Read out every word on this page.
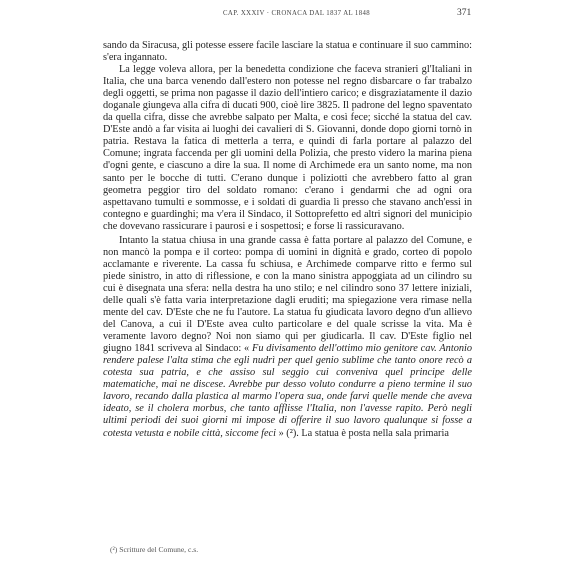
CAP. XXXIV · CRONACA DAL 1837 AL 1848	371

sando da Siracusa, gli potesse essere facile lasciare la statua e continuare il suo cammino: s'era ingannato.

La legge voleva allora, per la benedetta condizione che faceva stranieri gl'Italiani in Italia, che una barca venendo dall'estero non potesse nel regno disbarcare o far trabalzo degli oggetti, se prima non pagasse il dazio dell'intiero carico; e disgraziatamente il dazio doganale giungeva alla cifra di ducati 900, cioè lire 3825. Il padrone del legno spaventato da quella cifra, disse che avrebbe salpato per Malta, e così fece; sicché la statua del cav. D'Este andò a far visita ai luoghi dei cavalieri di S. Giovanni, donde dopo giorni tornò in patria. Restava la fatica di metterla a terra, e quindi di farla portare al palazzo del Comune; ingrata faccenda per gli uomini della Polizia, che presto videro la marina piena d'ogni gente, e ciascuno a dire la sua. Il nome di Archimede era un santo nome, ma non santo per le bocche di tutti. C'erano dunque i poliziotti che avrebbero fatto al gran geometra peggior tiro del soldato romano: c'erano i gendarmi che ad ogni ora aspettavano tumulti e sommosse, e i soldati di guardia lì presso che stavano anch'essi in contegno e guardinghi; ma v'era il Sindaco, il Sottoprefetto ed altri signori del municipio che dovevano rassicurare i paurosi e i sospettosi; e forse li rassicuravano.

Intanto la statua chiusa in una grande cassa è fatta portare al palazzo del Comune, e non mancò la pompa e il corteo: pompa di uomini in dignità e grado, corteo di popolo acclamante e riverente. La cassa fu schiusa, e Archimede comparve ritto e fermo sul piede sinistro, in atto di riflessione, e con la mano sinistra appoggiata ad un cilindro su cui è disegnata una sfera: nella destra ha uno stilo; e nel cilindro sono 37 lettere iniziali, delle quali s'è fatta varia interpretazione dagli eruditi; ma spiegazione vera rimase nella mente del cav. D'Este che ne fu l'autore. La statua fu giudicata lavoro degno d'un allievo del Canova, a cui il D'Este avea culto particolare e del quale scrisse la vita. Ma è veramente lavoro degno? Noi non siamo qui per giudicarla. Il cav. D'Este figlio nel giugno 1841 scriveva al Sindaco: « Fu divisamento dell'ottimo mio genitore cav. Antonio rendere palese l'alta stima che egli nudrì per quel genio sublime che tanto onore recò a cotesta sua patria, e che assiso sul seggio cui conveniva quel principe delle matematiche, mai ne discese. Avrebbe pur desso voluto condurre a pieno termine il suo lavoro, recando dalla plastica al marmo l'opera sua, onde farvi quelle mende che aveva ideato, se il cholera morbus, che tanto afflisse l'Italia, non l'avesse rapito. Però negli ultimi periodi dei suoi giorni mi impose di offerire il suo lavoro qualunque si fosse a cotesta vetusta e nobile città, siccome feci » (²). La statua è posta nella sala primaria

(²) Scritture del Comune, c.s.
